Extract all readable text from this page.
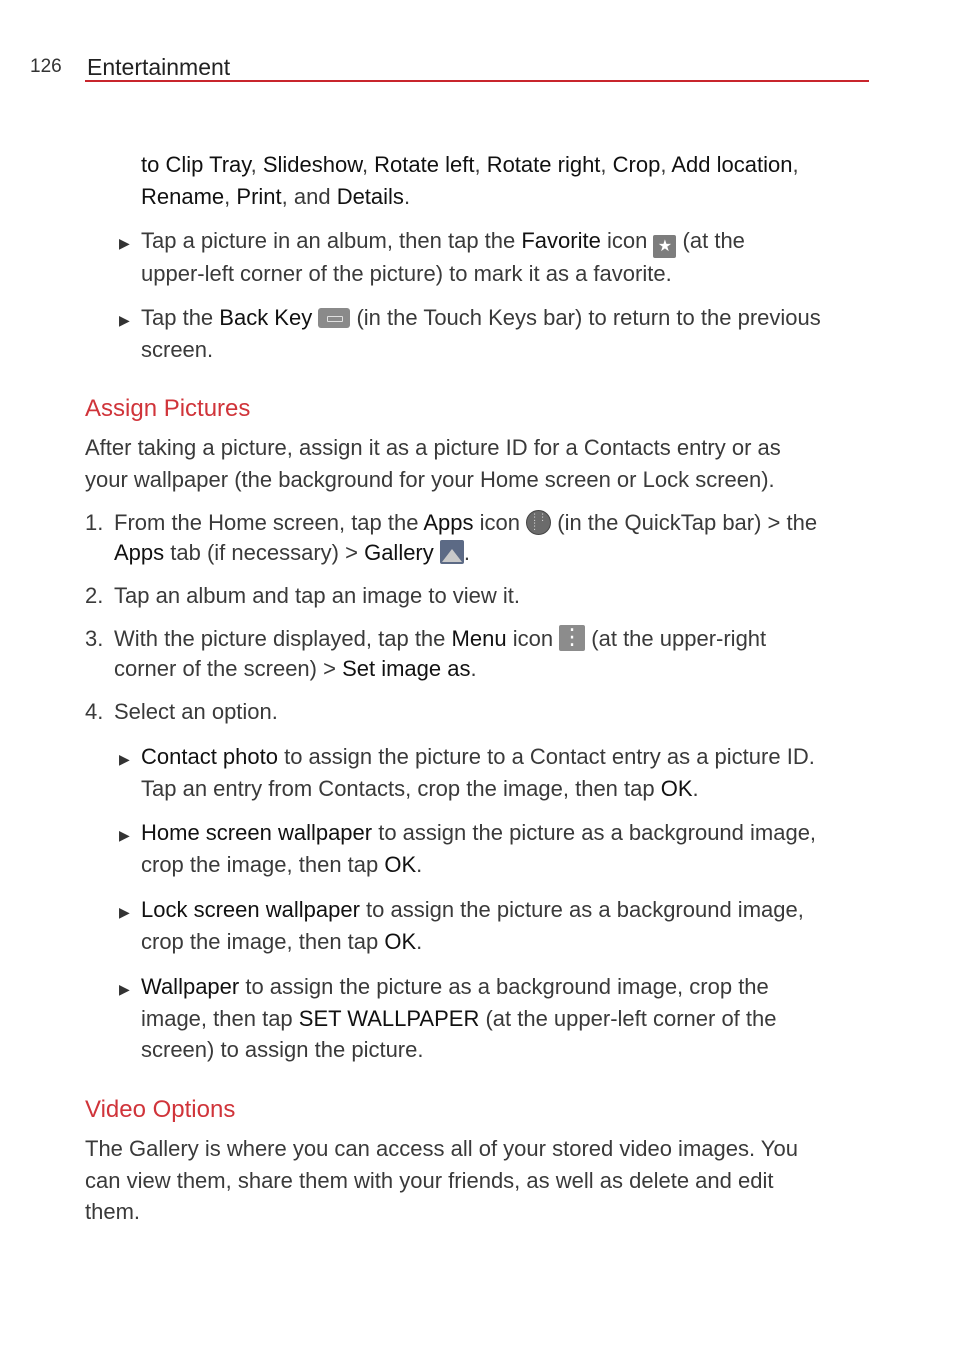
126 Entertainment
to Clip Tray, Slideshow, Rotate left, Rotate right, Crop, Add location,
Rename, Print, and Details.
▶ Tap a picture in an album, then tap the Favorite icon ★ (at the
upper-left corner of the picture) to mark it as a favorite.
▶ Tap the Back Key  (in the Touch Keys bar) to return to the previous
screen.
Assign Pictures
After taking a picture, assign it as a picture ID for a Contacts entry or as
your wallpaper (the background for your Home screen or Lock screen).
1. From the Home screen, tap the Apps icon ⋮⋮⋮ (in the QuickTap bar) > the
Apps tab (if necessary) > Gallery .
2. Tap an album and tap an image to view it.
3. With the picture displayed, tap the Menu icon ⋮ (at the upper-right
corner of the screen) > Set image as.
4. Select an option.
▶ Contact photo to assign the picture to a Contact entry as a picture ID.
Tap an entry from Contacts, crop the image, then tap OK.
▶ Home screen wallpaper to assign the picture as a background image,
crop the image, then tap OK.
▶ Lock screen wallpaper to assign the picture as a background image,
crop the image, then tap OK.
▶ Wallpaper to assign the picture as a background image, crop the
image, then tap SET WALLPAPER (at the upper-left corner of the
screen) to assign the picture.
Video Options
The Gallery is where you can access all of your stored video images. You
can view them, share them with your friends, as well as delete and edit
them.
